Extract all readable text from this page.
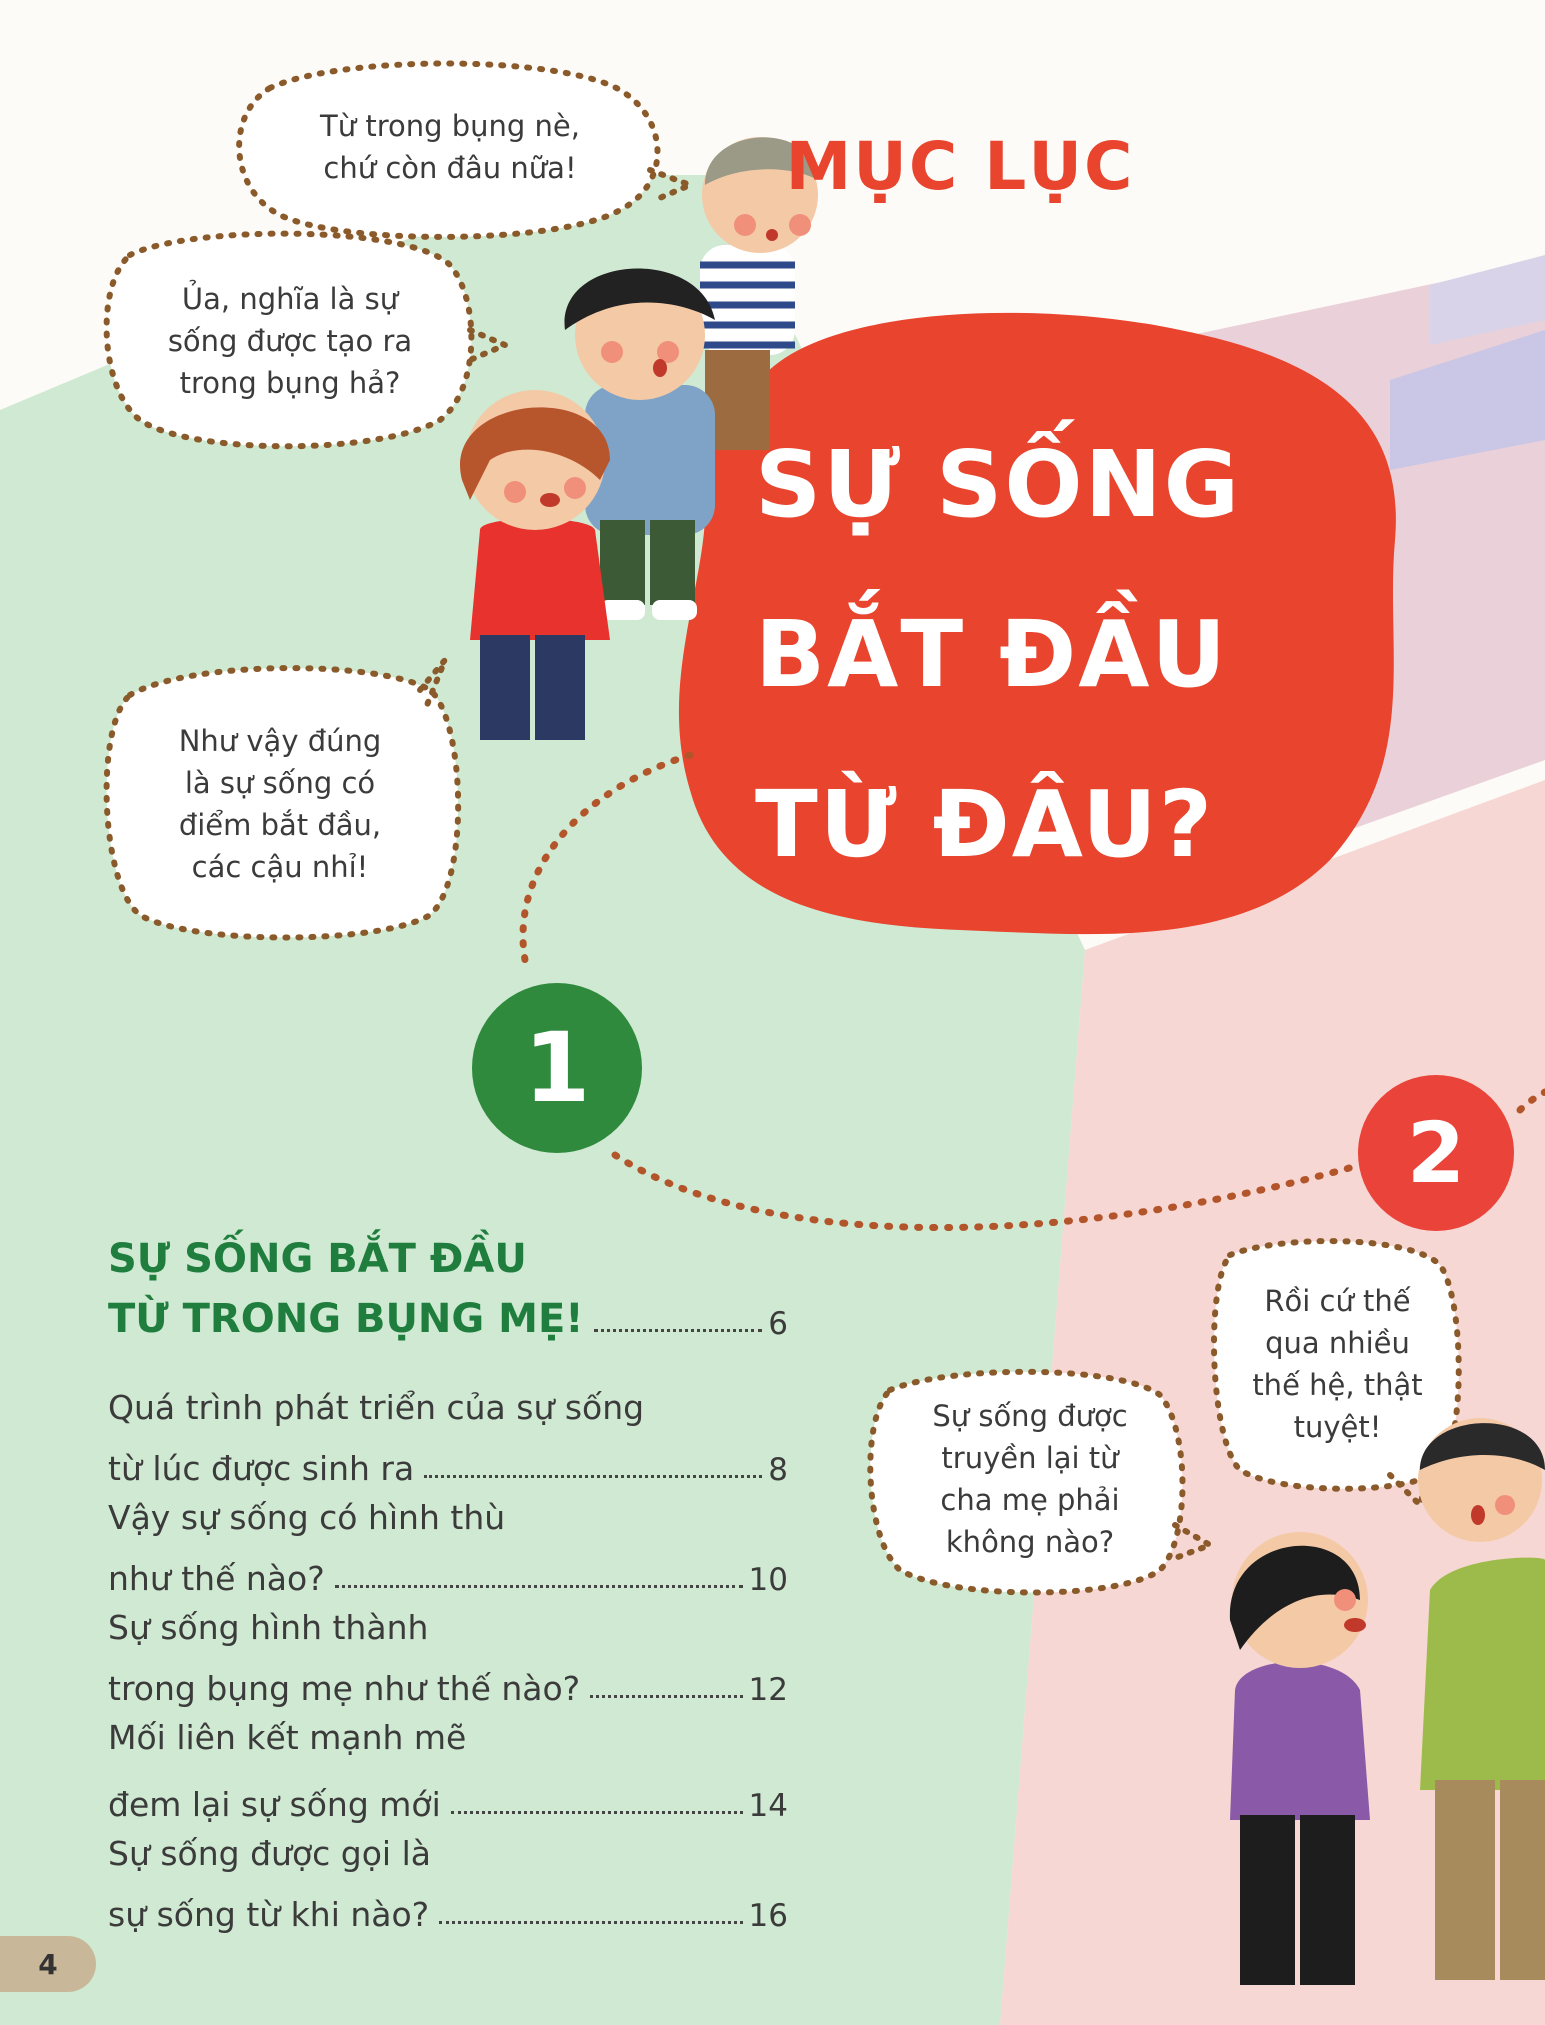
MỤC LỤC
SỰ SỐNG
BẮT ĐẦU
TỪ ĐÂU?
Từ trong bụng nè,
chứ còn đâu nữa!
Ủa, nghĩa là sự
sống được tạo ra
trong bụng hả?
Như vậy đúng
là sự sống có
điểm bắt đầu,
các cậu nhỉ!
Rồi cứ thế
qua nhiều
thế hệ, thật
tuyệt!
Sự sống được
truyền lại từ
cha mẹ phải
không nào?
1
2
SỰ SỐNG BẮT ĐẦU
TỪ TRONG BỤNG MẸ!	6
Quá trình phát triển của sự sống
từ lúc được sinh ra	8
Vậy sự sống có hình thù
như thế nào?	10
Sự sống hình thành
trong bụng mẹ như thế nào?	12
Mối liên kết mạnh mẽ
đem lại sự sống mới	14
Sự sống được gọi là
sự sống từ khi nào?	16
4
